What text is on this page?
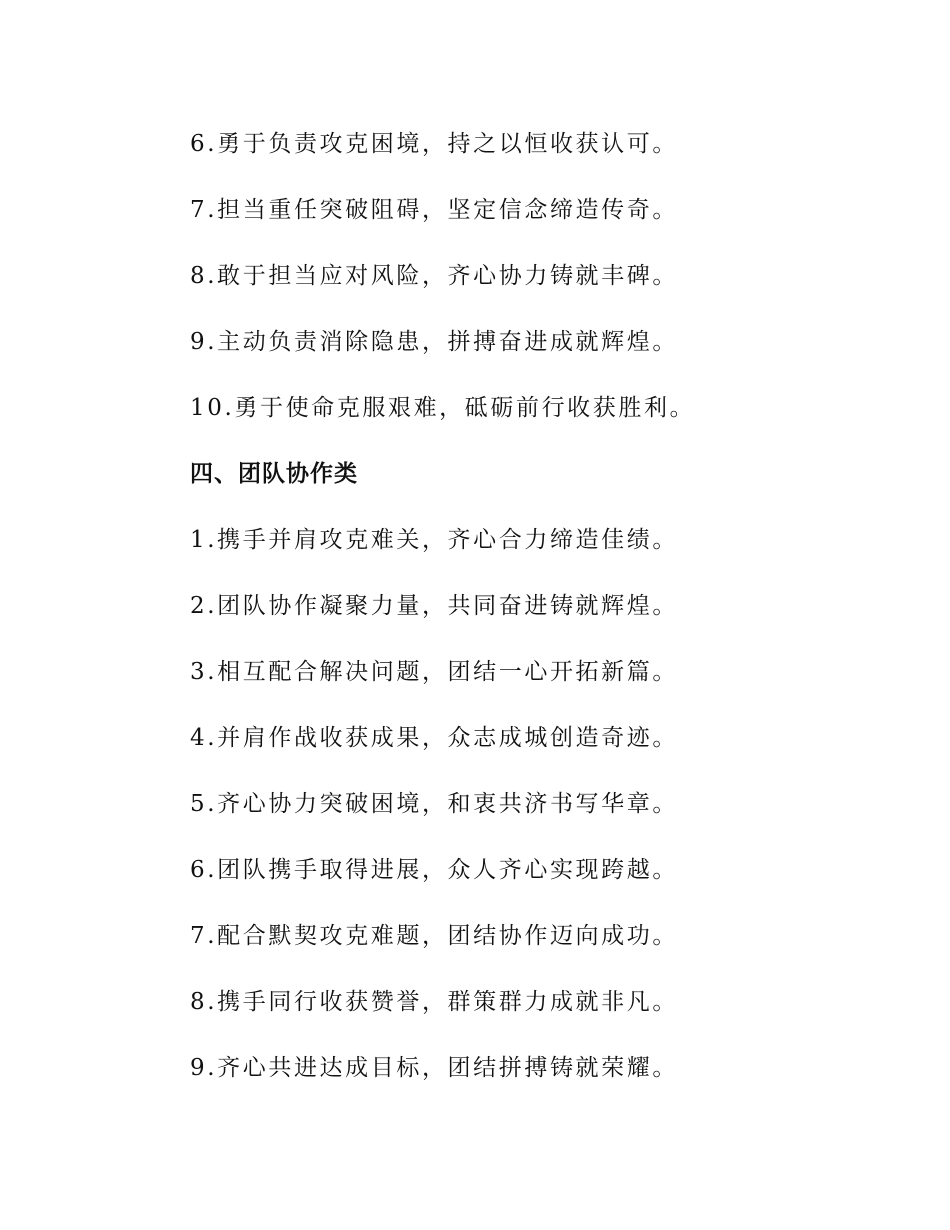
6.勇于负责攻克困境，持之以恒收获认可。
7.担当重任突破阻碍，坚定信念缔造传奇。
8.敢于担当应对风险，齐心协力铸就丰碑。
9.主动负责消除隐患，拼搏奋进成就辉煌。
10.勇于使命克服艰难，砥砺前行收获胜利。
四、团队协作类
1.携手并肩攻克难关，齐心合力缔造佳绩。
2.团队协作凝聚力量，共同奋进铸就辉煌。
3.相互配合解决问题，团结一心开拓新篇。
4.并肩作战收获成果，众志成城创造奇迹。
5.齐心协力突破困境，和衷共济书写华章。
6.团队携手取得进展，众人齐心实现跨越。
7.配合默契攻克难题，团结协作迈向成功。
8.携手同行收获赞誉，群策群力成就非凡。
9.齐心共进达成目标，团结拼搏铸就荣耀。
